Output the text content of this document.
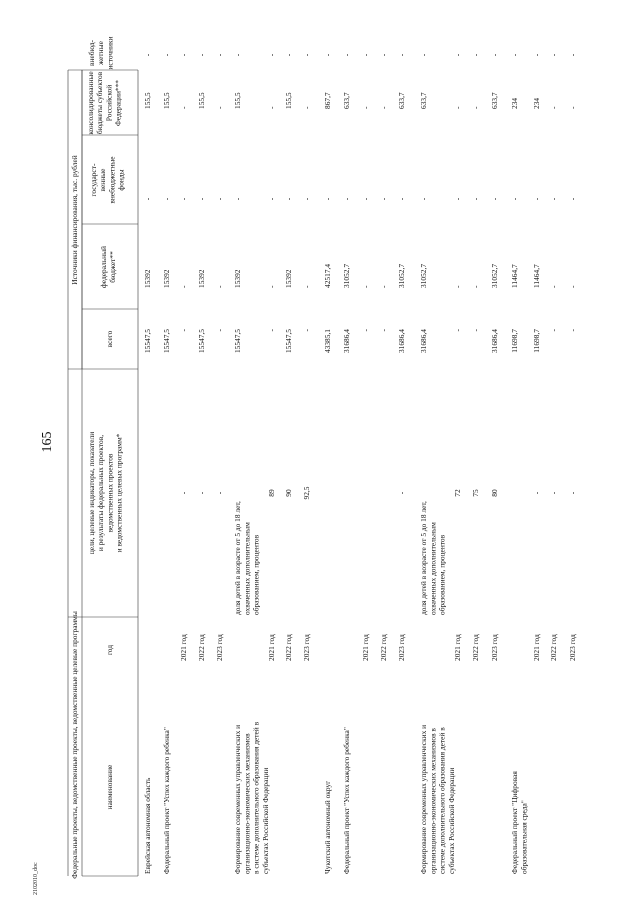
165
2102010_doc	Федеральные проекты, ведомственные проекты, ведомственные целевые программы
Источники финансирования, тыс. рублей
наименование
год
цели, целевые индикаторы, показатели и результаты федеральных проектов, ведомственных проектов и ведомственных целевых программ*
всего
федеральный бюджет**
государст- венные внебюджетные фонды
консолидированные бюджеты субъектов Российской Федерации***
внебюд- жетные источники
Еврейская автономная область
15547,5
15392
-
155,5
-
Федеральный проект "Успех каждого ребенка"
15547,5
15392
-
155,5
-
2021 год
-
-
-
-
-
-
2022 год
-
15547,5
15392
-
155,5
-
2023 год
-
-
-
-
-
-
Формирование современных управленческих и организационно-экономических механизмов в системе дополнительного образования детей в субъектах Российской Федерации
доля детей в возрасте от 5 до 18 лет, охваченных дополнительным образованием, процентов
15547,5
15392
-
155,5
-
2021 год
89
-
-
-
-
-
2022 год
90
15547,5
15392
-
155,5
-
2023 год
92,5
-
-
-
-
-
Чукотский автономный округ
43385,1
42517,4
-
867,7
-
Федеральный проект "Успех каждого ребенка"
31686,4
31052,7
-
633,7
-
2021 год
-
-
-
-
-
2022 год
-
-
-
-
-
2023 год
-
31686,4
31052,7
-
633,7
-
Формирование современных управленческих и организационно-экономических механизмов в системе дополнительного образования детей в субъектах Российской Федерации
доля детей в возрасте от 5 до 18 лет, охваченных дополнительным образованием, процентов
31686,4
31052,7
-
633,7
-
2021 год
72
-
-
-
-
-
2022 год
75
-
-
-
-
-
2023 год
80
31686,4
31052,7
-
633,7
-
Федеральный проект "Цифровая образовательная среда"
11698,7
11464,7
-
234
-
2021 год
-
11698,7
11464,7
-
234
-
2022 год
-
-
-
-
-
-
2023 год
-
-
-
-
-
-
